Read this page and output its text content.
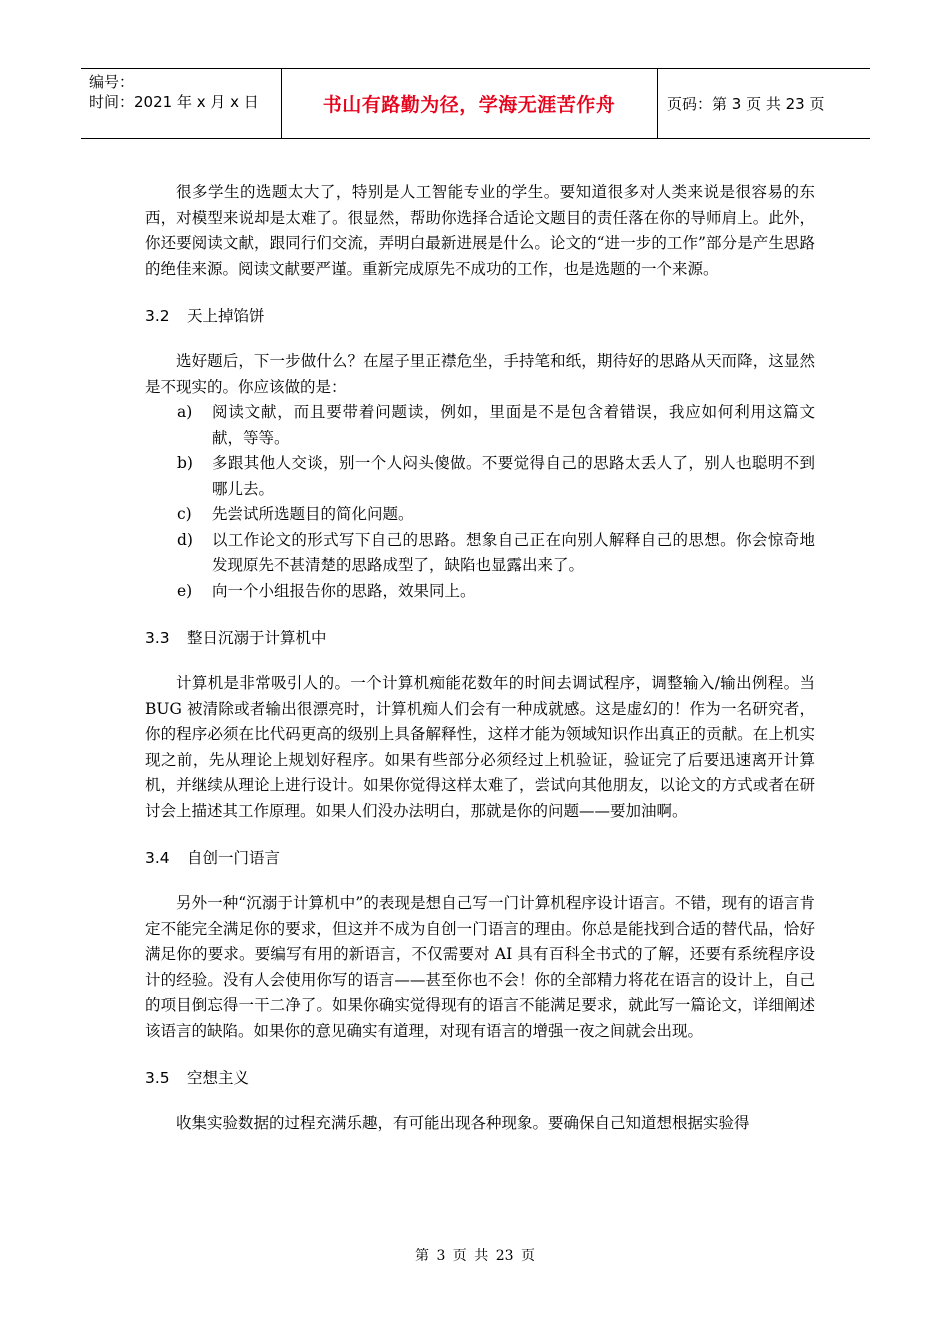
编号：
时间：2021 年 x 月 x 日	书山有路勤为径，学海无涯苦作舟	页码：第 3 页 共 23 页

很多学生的选题太大了，特别是人工智能专业的学生。要知道很多对人类来说是很容易的东西，对模型来说却是太难了。很显然，帮助你选择合适论文题目的责任落在你的导师肩上。此外，你还要阅读文献，跟同行们交流，弄明白最新进展是什么。论文的“进一步的工作”部分是产生思路的绝佳来源。阅读文献要严谨。重新完成原先不成功的工作，也是选题的一个来源。

3.2 天上掉馅饼

选好题后，下一步做什么？在屋子里正襟危坐，手持笔和纸，期待好的思路从天而降，这显然是不现实的。你应该做的是：

a) 阅读文献，而且要带着问题读，例如，里面是不是包含着错误，我应如何利用这篇文献，等等。
b) 多跟其他人交谈，别一个人闷头傻做。不要觉得自己的思路太丢人了，别人也聪明不到哪儿去。
c) 先尝试所选题目的简化问题。
d) 以工作论文的形式写下自己的思路。想象自己正在向别人解释自己的思想。你会惊奇地发现原先不甚清楚的思路成型了，缺陷也显露出来了。
e) 向一个小组报告你的思路，效果同上。
3.3 整日沉溺于计算机中

计算机是非常吸引人的。一个计算机痴能花数年的时间去调试程序，调整输入/输出例程。当 BUG 被清除或者输出很漂亮时，计算机痴人们会有一种成就感。这是虚幻的！作为一名研究者，你的程序必须在比代码更高的级别上具备解释性，这样才能为领域知识作出真正的贡献。在上机实现之前，先从理论上规划好程序。如果有些部分必须经过上机验证，验证完了后要迅速离开计算机，并继续从理论上进行设计。如果你觉得这样太难了，尝试向其他朋友，以论文的方式或者在研讨会上描述其工作原理。如果人们没办法明白，那就是你的问题——要加油啊。

3.4 自创一门语言

另外一种“沉溺于计算机中”的表现是想自己写一门计算机程序设计语言。不错，现有的语言肯定不能完全满足你的要求，但这并不成为自创一门语言的理由。你总是能找到合适的替代品，恰好满足你的要求。要编写有用的新语言，不仅需要对 AI 具有百科全书式的了解，还要有系统程序设计的经验。没有人会使用你写的语言——甚至你也不会！你的全部精力将花在语言的设计上，自己的项目倒忘得一干二净了。如果你确实觉得现有的语言不能满足要求，就此写一篇论文，详细阐述该语言的缺陷。如果你的意见确实有道理，对现有语言的增强一夜之间就会出现。

3.5 空想主义

收集实验数据的过程充满乐趣，有可能出现各种现象。要确保自己知道想根据实验得

第 3 页 共 23 页
